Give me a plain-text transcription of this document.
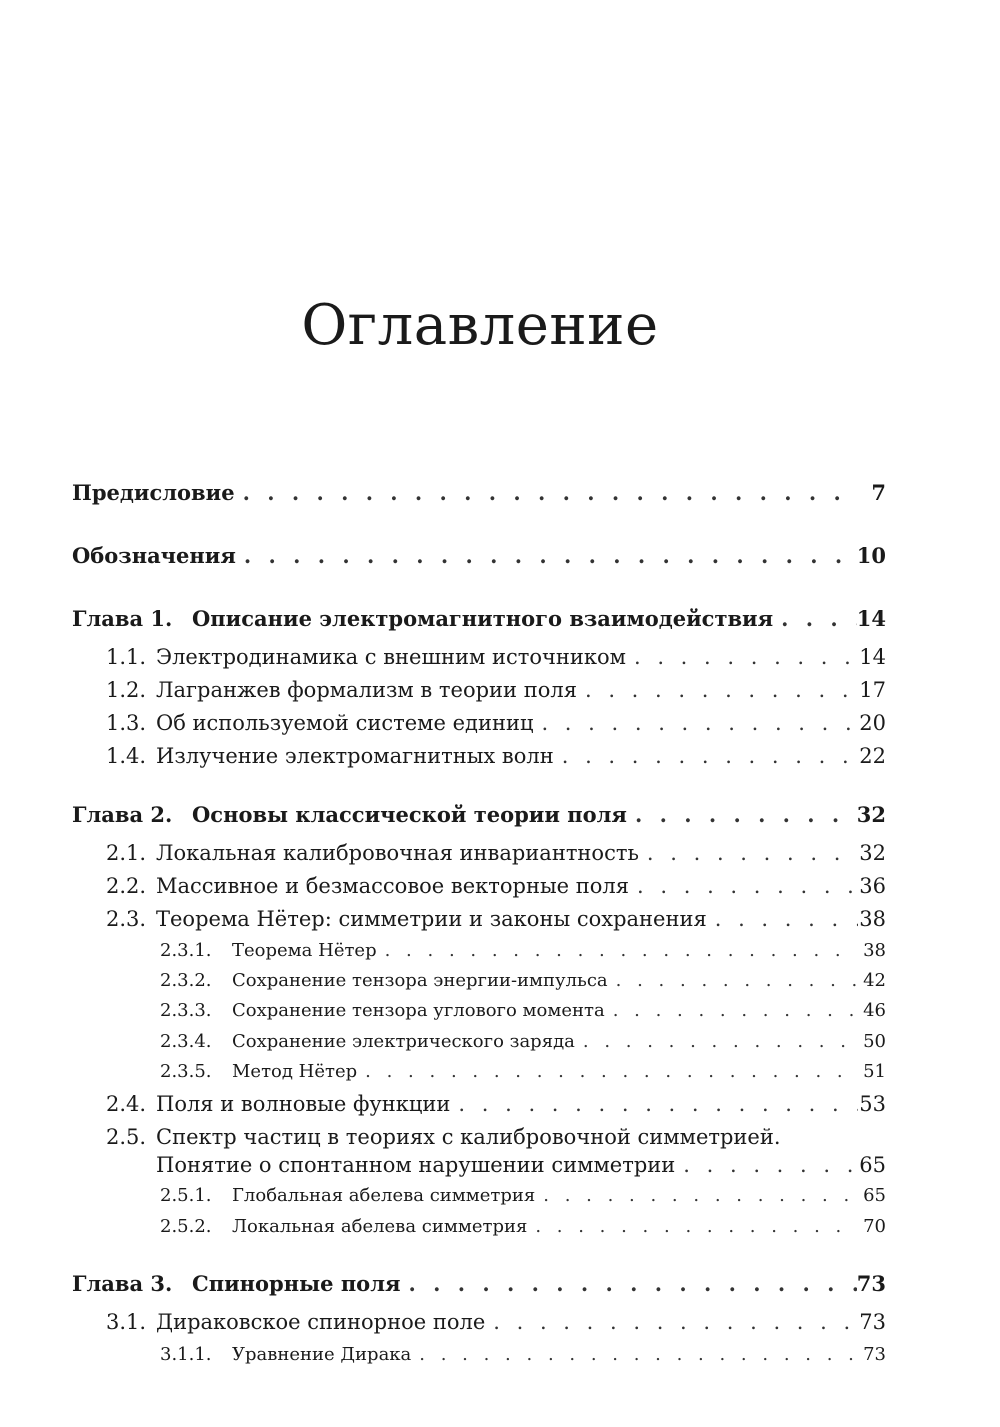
Оглавление
Предисловие . . .	7
Обозначения . . .	10
Глава 1. Описание электромагнитного взаимодействия . . .	14
1.1. Электродинамика с внешним источником . . .	14
1.2. Лагранжев формализм в теории поля . . .	17
1.3. Об используемой системе единиц . . .	20
1.4. Излучение электромагнитных волн . . .	22
Глава 2. Основы классической теории поля . . .	32
2.1. Локальная калибровочная инвариантность . . .	32
2.2. Массивное и безмассовое векторные поля . . .	36
2.3. Теорема Нётер: симметрии и законы сохранения . . .	38
2.3.1.	Теорема Нётер . . .	38
2.3.2.	Сохранение тензора энергии-импульса . . .	42
2.3.3.	Сохранение тензора углового момента . . .	46
2.3.4.	Сохранение электрического заряда . . .	50
2.3.5.	Метод Нётер . . .	51
2.4. Поля и волновые функции . . .	53
2.5. Спектр частиц в теориях с калибровочной симметрией.
Понятие о спонтанном нарушении симметрии . . .	65
2.5.1.	Глобальная абелева симметрия . . .	65
2.5.2.	Локальная абелева симметрия . . .	70
Глава 3. Спинорные поля . . .	73
3.1. Дираковское спинорное поле . . .	73
3.1.1.	Уравнение Дирака . . .	73
